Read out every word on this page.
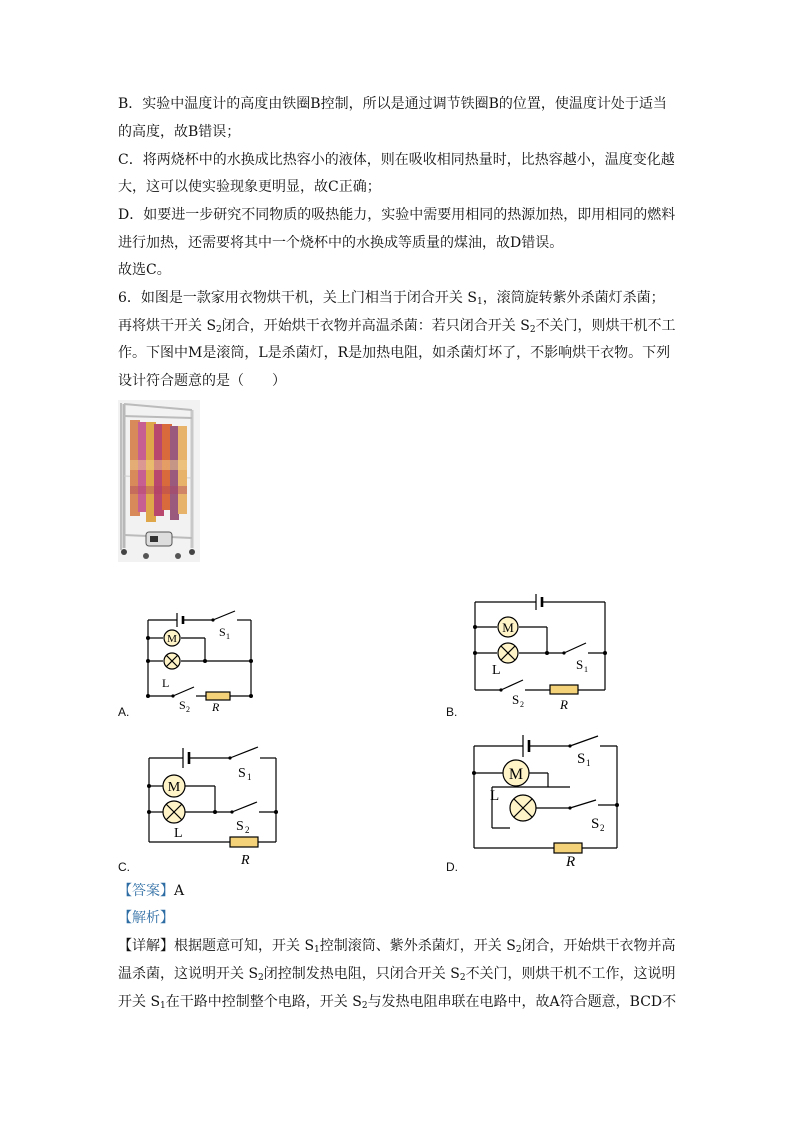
B．实验中温度计的高度由铁圈B控制，所以是通过调节铁圈B的位置，使温度计处于适当
的高度，故B错误；
C．将两烧杯中的水换成比热容小的液体，则在吸收相同热量时，比热容越小，温度变化越
大，这可以使实验现象更明显，故C正确；
D．如要进一步研究不同物质的吸热能力，实验中需要用相同的热源加热，即用相同的燃料
进行加热，还需要将其中一个烧杯中的水换成等质量的煤油，故D错误。
故选C。
6．如图是一款家用衣物烘干机，关上门相当于闭合开关 $S_1$，滚筒旋转紫外杀菌灯杀菌；
再将烘干开关 $S_2$闭合，开始烘干衣物并高温杀菌：若只闭合开关 $S_2$不关门，则烘干机不工
作。下图中M是滚筒，L是杀菌灯，R是加热电阻，如杀菌灯坏了，不影响烘干衣物。下列
设计符合题意的是（　　）
M
L
S 1
S 2 R
A.
M
L	S 1
S 2	R
B.
M
L
S 1
S 2
R
C.
M
L
S 1
S 2
R
D.
【答案】A
【解析】
【详解】根据题意可知，开关 $S_1$控制滚筒、紫外杀菌灯，开关 $S_2$闭合，开始烘干衣物并高
温杀菌，这说明开关 $S_2$闭控制发热电阻，只闭合开关 $S_2$不关门，则烘干机不工作，这说明
开关 $S_1$在干路中控制整个电路，开关 $S_2$与发热电阻串联在电路中，故A符合题意，BCD不
